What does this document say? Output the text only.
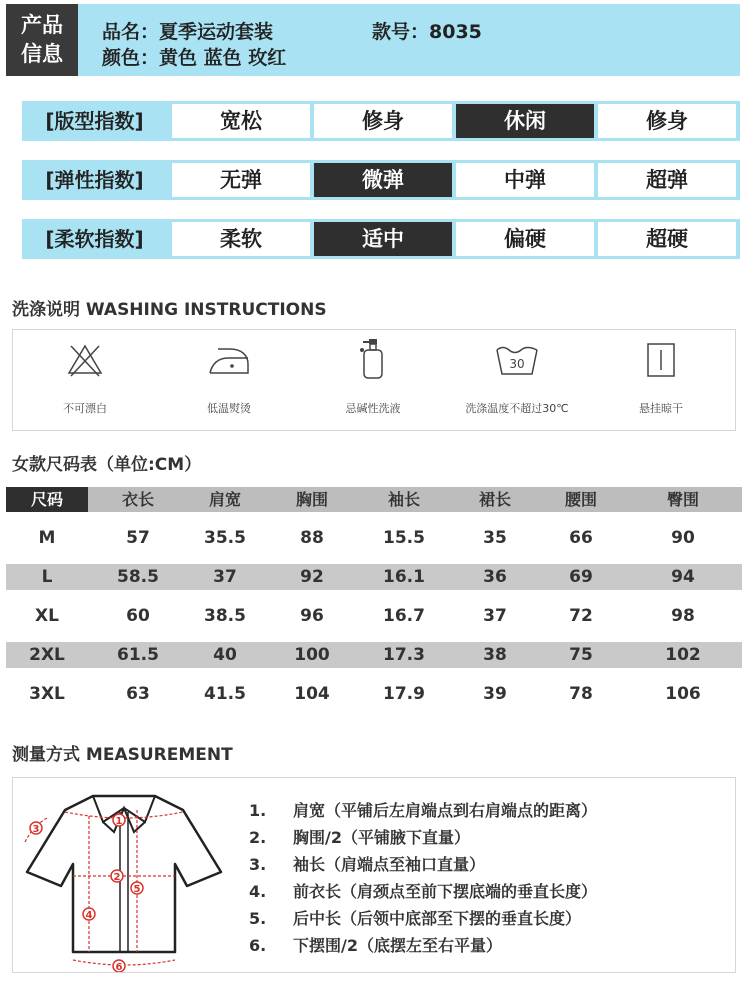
产品
信息
品名：夏季运动套装	款号：8035
颜色：黄色 蓝色 玫红
[版型指数]	宽松	修身	休闲	修身
[弹性指数]	无弹	微弹	中弹	超弹
[柔软指数]	柔软	适中	偏硬	超硬
洗涤说明 WASHING INSTRUCTIONS
不可漂白	低温熨烫	忌碱性洗液
30
洗涤温度不超过30℃	悬挂晾干
女款尺码表（单位:CM）
尺码	衣长	肩宽	胸围	袖长	裙长	腰围	臀围
M	57	35.5	88	15.5	35	66	90
L	58.5	37	92	16.1	36	69	94
XL	60	38.5	96	16.7	37	72	98
2XL	61.5	40	100	17.3	38	75	102
3XL	63	41.5	104	17.9	39	78	106
测量方式 MEASUREMENT
1
2
3
4
5
6
1. 肩宽（平铺后左肩端点到右肩端点的距离）
2. 胸围/2（平铺腋下直量）
3. 袖长（肩端点至袖口直量）
4. 前衣长（肩颈点至前下摆底端的垂直长度）
5. 后中长（后领中底部至下摆的垂直长度）
6. 下摆围/2（底摆左至右平量）
